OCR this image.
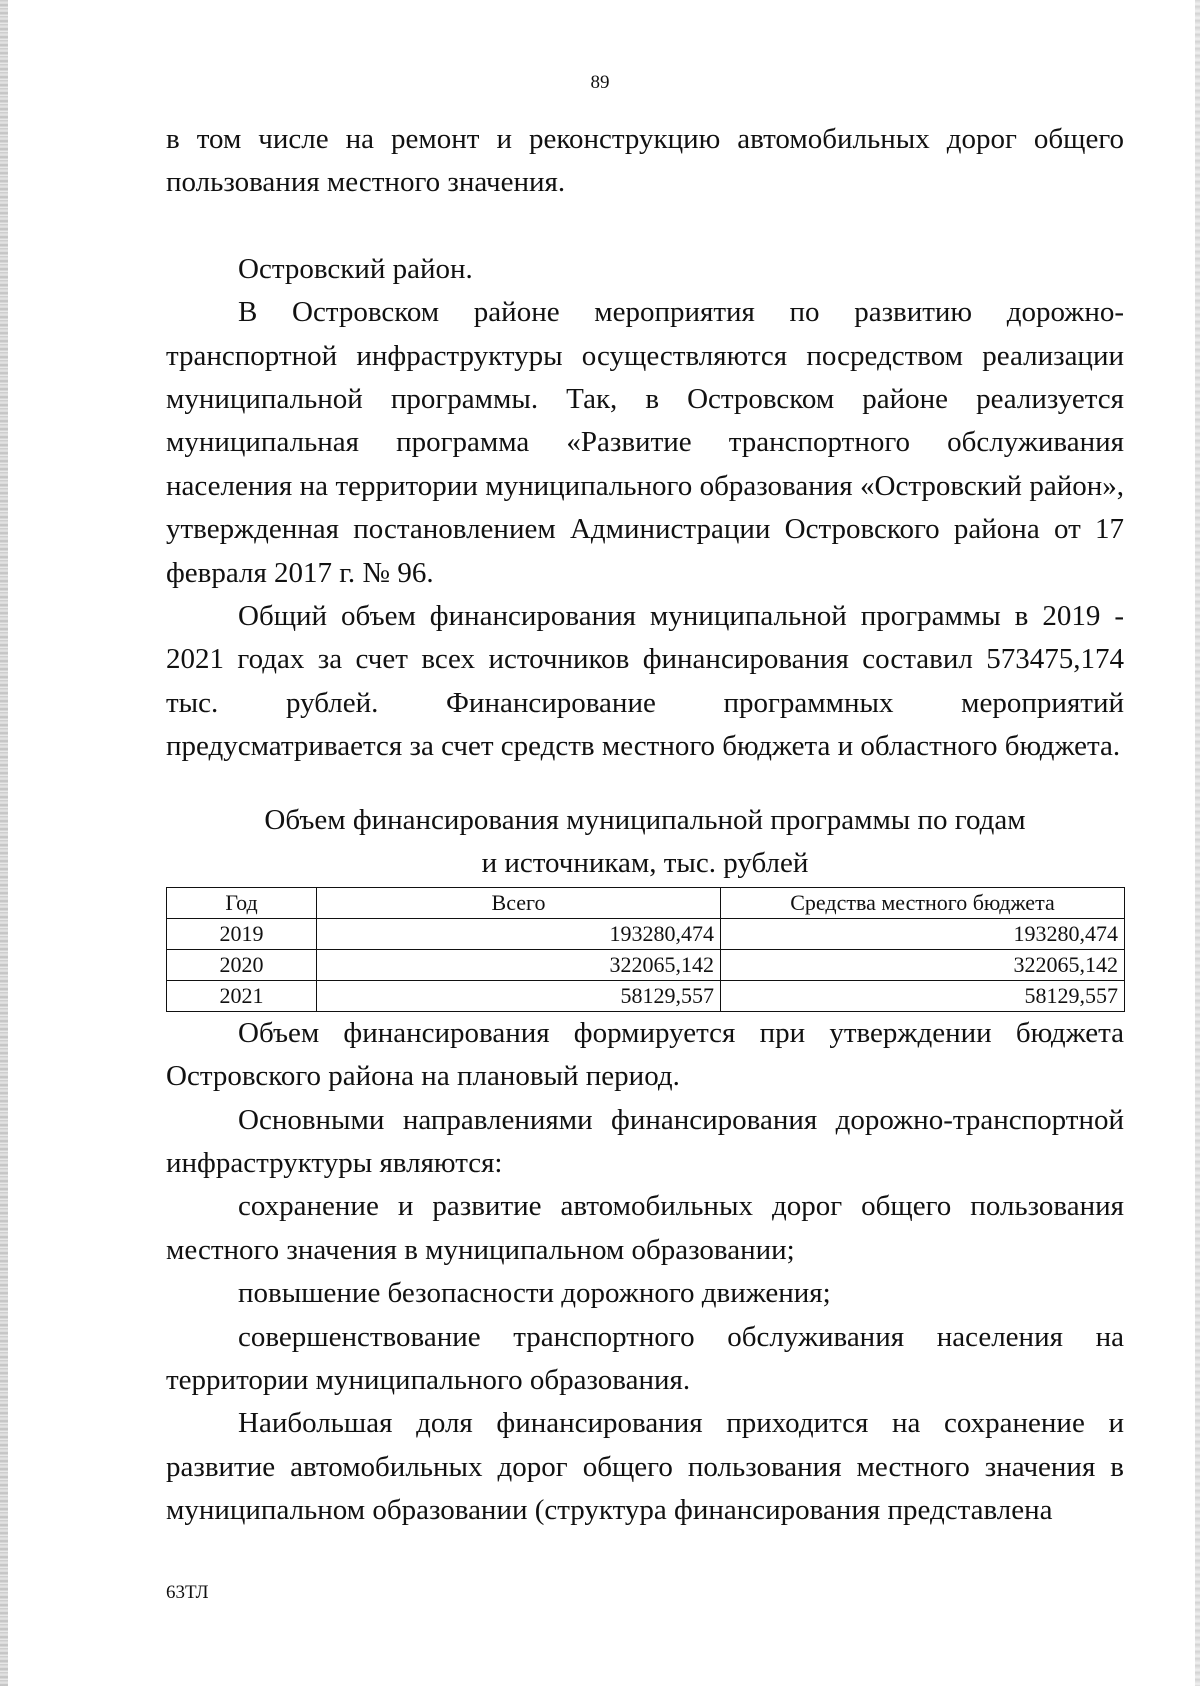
89

в том числе на ремонт и реконструкцию автомобильных дорог общего пользования местного значения.

Островский район.

В Островском районе мероприятия по развитию дорожно-транспортной инфраструктуры осуществляются посредством реализации муниципальной программы. Так, в Островском районе реализуется муниципальная программа «Развитие транспортного обслуживания населения на территории муниципального образования «Островский район», утвержденная постановлением Администрации Островского района от 17 февраля 2017 г. № 96.

Общий объем финансирования муниципальной программы в 2019 - 2021 годах за счет всех источников финансирования составил 573475,174 тыс. рублей. Финансирование программных мероприятий предусматривается за счет средств местного бюджета и областного бюджета.

Объем финансирования муниципальной программы по годам
и источникам, тыс. рублей
Год	Всего	Средства местного бюджета
2019	193280,474	193280,474
2020	322065,142	322065,142
2021	58129,557	58129,557

Объем финансирования формируется при утверждении бюджета Островского района на плановый период.

Основными направлениями финансирования дорожно-транспортной инфраструктуры являются:

сохранение и развитие автомобильных дорог общего пользования местного значения в муниципальном образовании;

повышение безопасности дорожного движения;

совершенствование транспортного обслуживания населения на территории муниципального образования.

Наибольшая доля финансирования приходится на сохранение и развитие автомобильных дорог общего пользования местного значения в муниципальном образовании (структура финансирования представлена

63ТЛ
